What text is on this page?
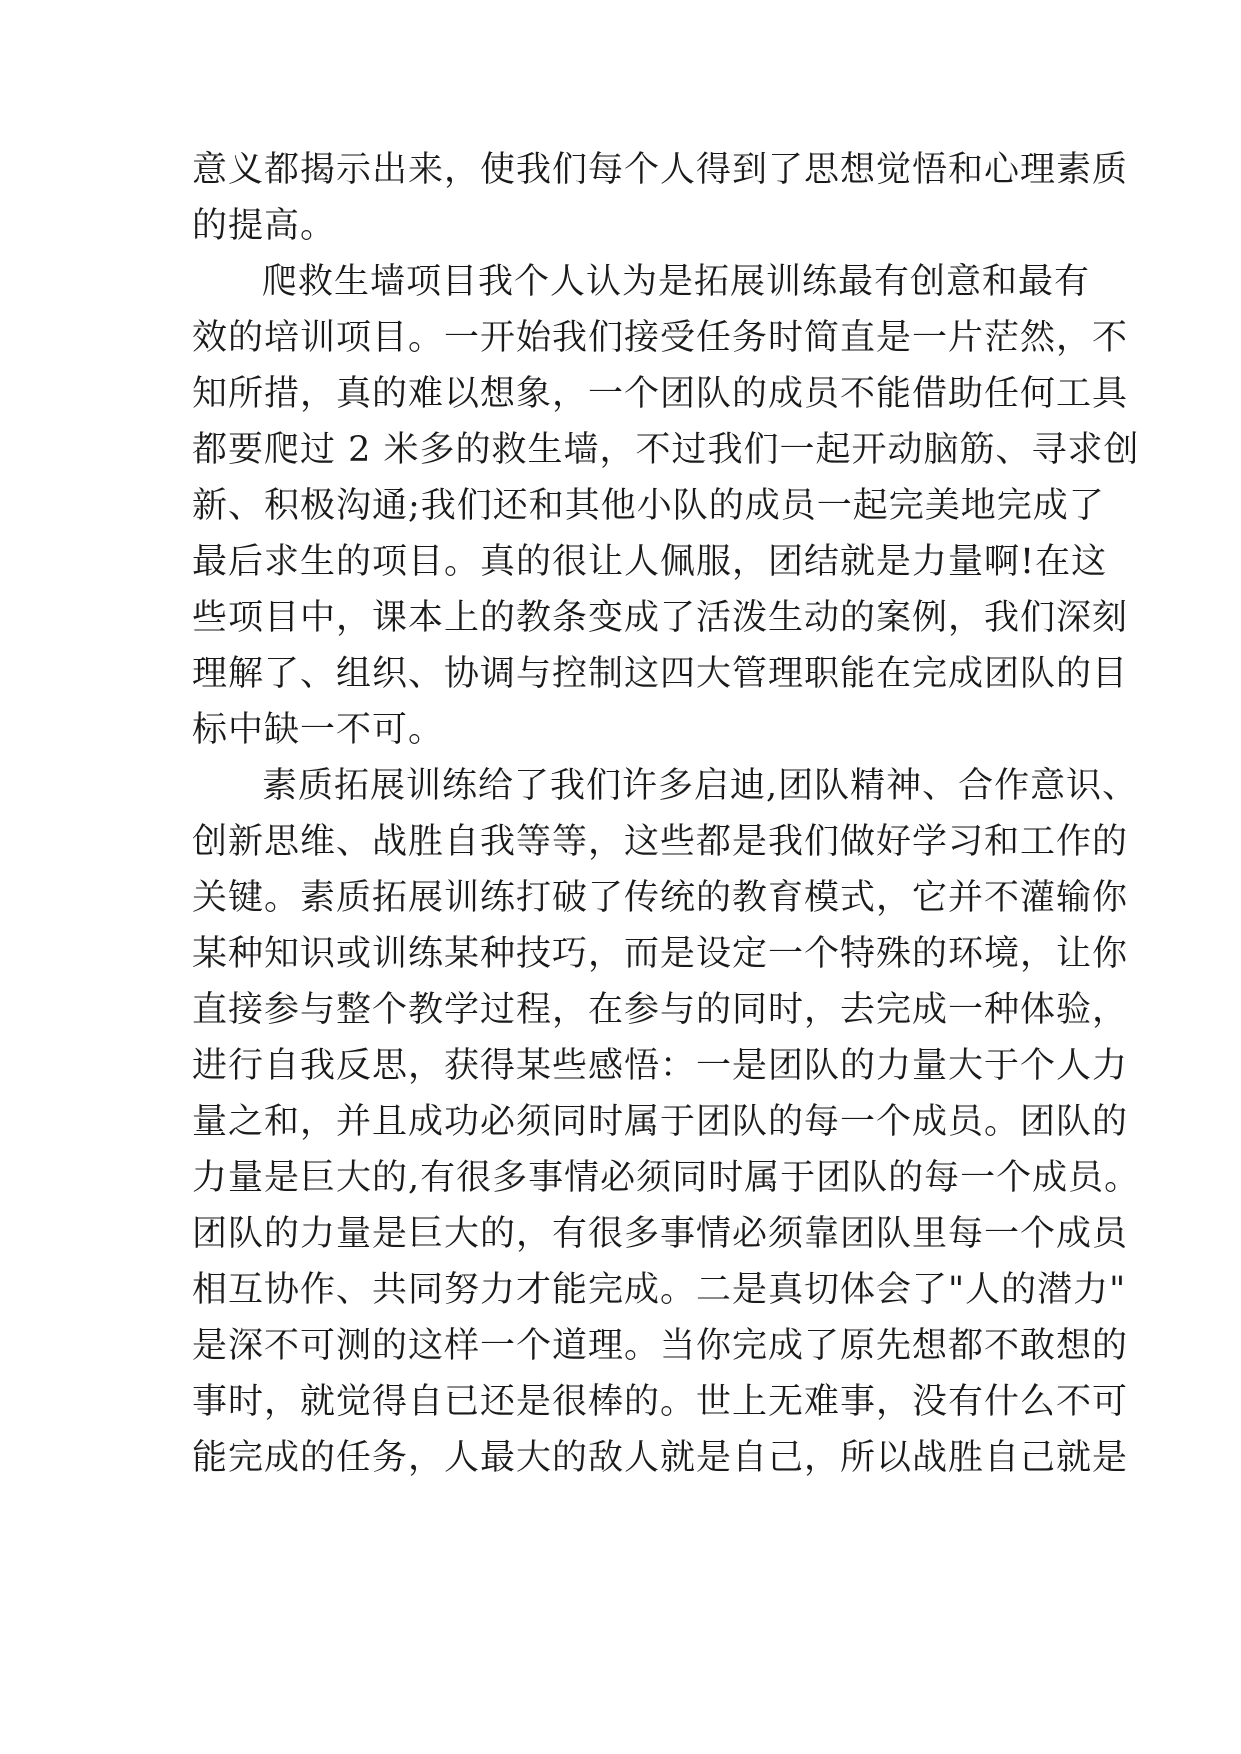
意义都揭示出来，使我们每个人得到了思想觉悟和心理素质
的提高。
爬救生墙项目我个人认为是拓展训练最有创意和最有
效的培训项目。一开始我们接受任务时简直是一片茫然，不
知所措，真的难以想象，一个团队的成员不能借助任何工具
都要爬过 2 米多的救生墙，不过我们一起开动脑筋、寻求创
新、积极沟通;我们还和其他小队的成员一起完美地完成了
最后求生的项目。真的很让人佩服，团结就是力量啊!在这
些项目中，课本上的教条变成了活泼生动的案例，我们深刻
理解了、组织、协调与控制这四大管理职能在完成团队的目
标中缺一不可。
素质拓展训练给了我们许多启迪,团队精神、合作意识、
创新思维、战胜自我等等，这些都是我们做好学习和工作的
关键。素质拓展训练打破了传统的教育模式，它并不灌输你
某种知识或训练某种技巧，而是设定一个特殊的环境，让你
直接参与整个教学过程，在参与的同时，去完成一种体验，
进行自我反思，获得某些感悟：一是团队的力量大于个人力
量之和，并且成功必须同时属于团队的每一个成员。团队的
力量是巨大的,有很多事情必须同时属于团队的每一个成员。
团队的力量是巨大的，有很多事情必须靠团队里每一个成员
相互协作、共同努力才能完成。二是真切体会了"人的潜力"
是深不可测的这样一个道理。当你完成了原先想都不敢想的
事时，就觉得自已还是很棒的。世上无难事，没有什么不可
能完成的任务，人最大的敌人就是自己，所以战胜自己就是
